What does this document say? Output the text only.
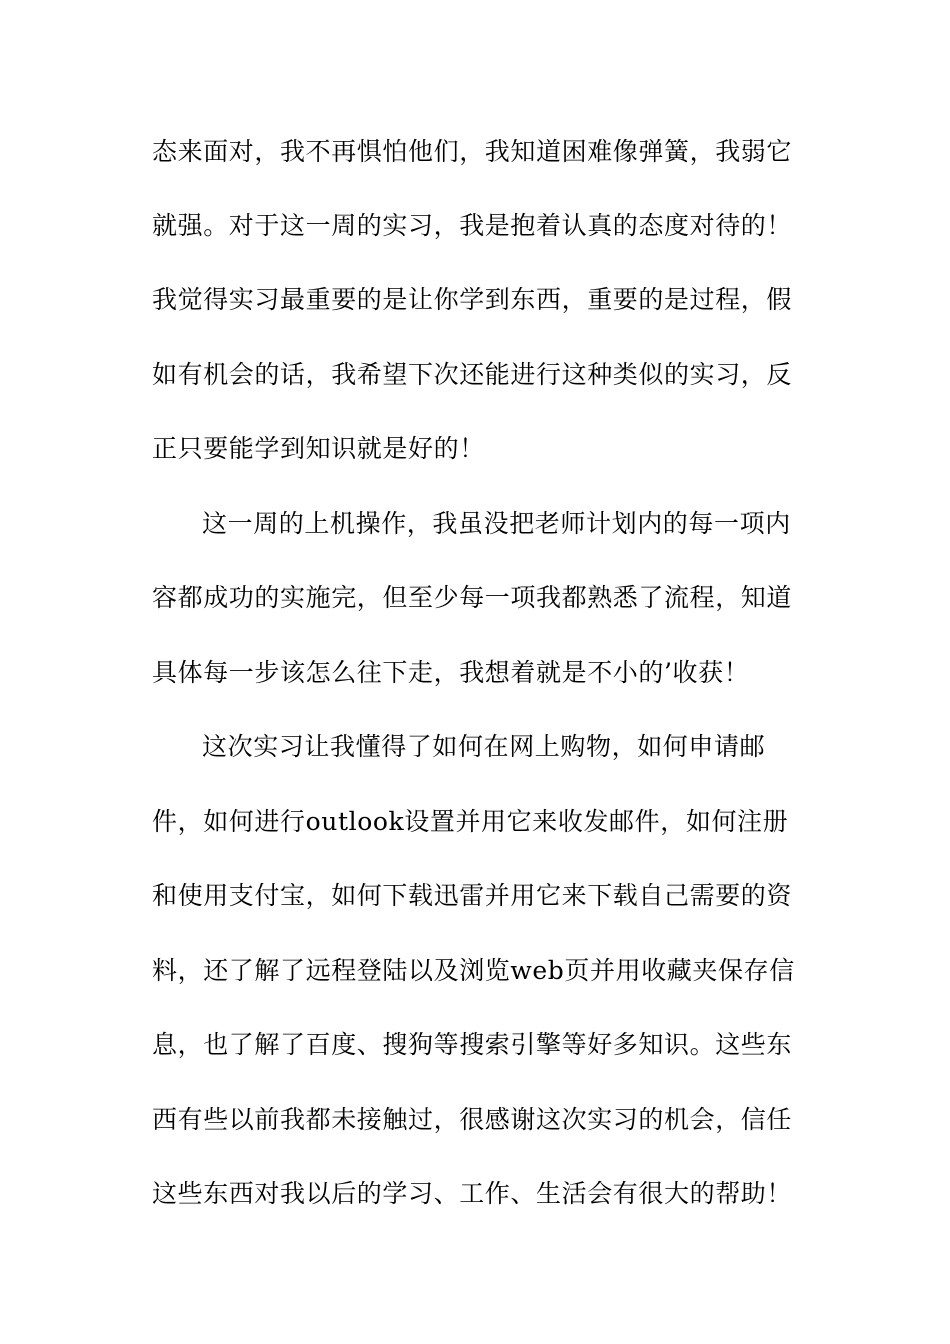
态来面对，我不再惧怕他们，我知道困难像弹簧，我弱它
就强。对于这一周的实习，我是抱着认真的态度对待的！
我觉得实习最重要的是让你学到东西，重要的是过程，假
如有机会的话，我希望下次还能进行这种类似的实习，反
正只要能学到知识就是好的！
这一周的上机操作，我虽没把老师计划内的每一项内
容都成功的实施完，但至少每一项我都熟悉了流程，知道
具体每一步该怎么往下走，我想着就是不小的’收获！
这次实习让我懂得了如何在网上购物，如何申请邮
件，如何进行outlook设置并用它来收发邮件，如何注册
和使用支付宝，如何下载迅雷并用它来下载自己需要的资
料，还了解了远程登陆以及浏览web页并用收藏夹保存信
息，也了解了百度、搜狗等搜索引擎等好多知识。这些东
西有些以前我都未接触过，很感谢这次实习的机会，信任
这些东西对我以后的学习、工作、生活会有很大的帮助！
